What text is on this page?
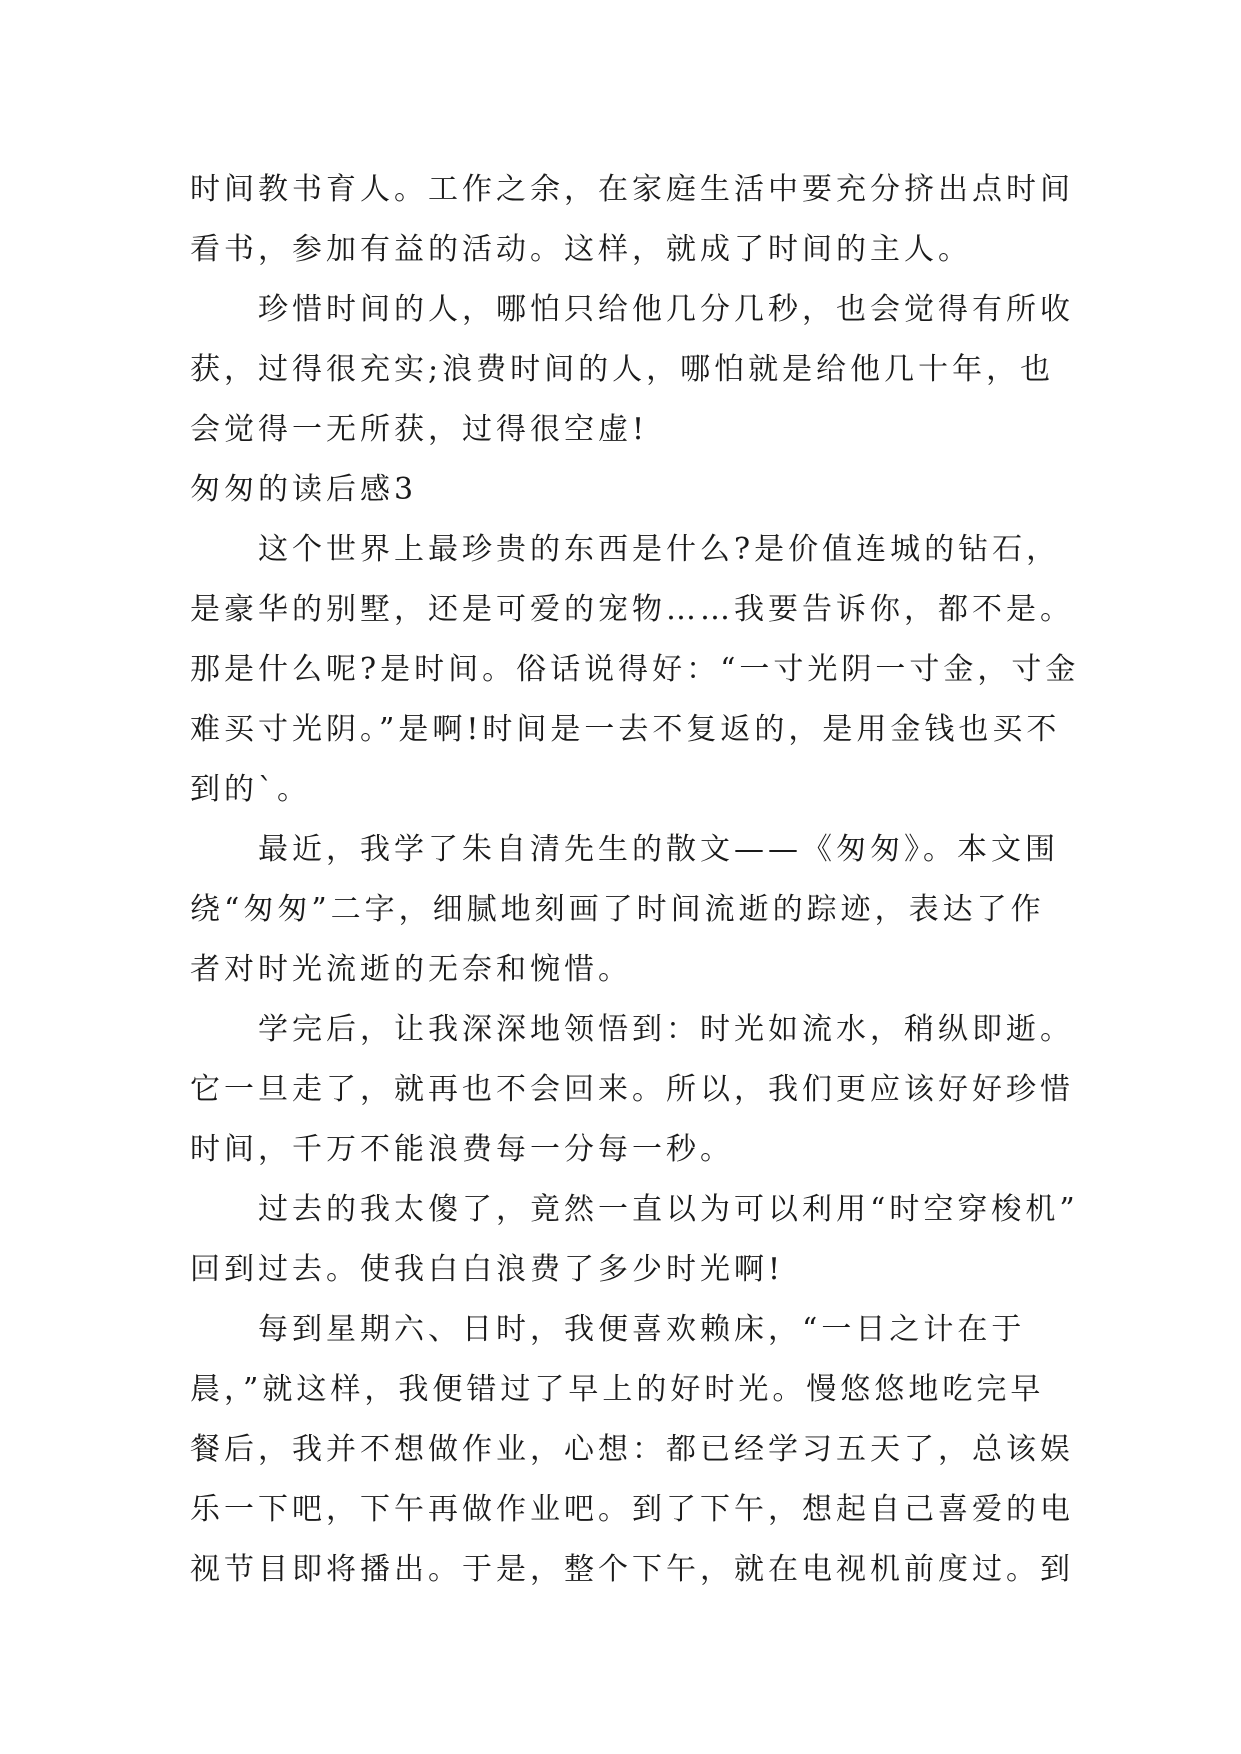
时间教书育人。工作之余，在家庭生活中要充分挤出点时间
看书，参加有益的活动。这样，就成了时间的主人。
珍惜时间的人，哪怕只给他几分几秒，也会觉得有所收
获，过得很充实;浪费时间的人，哪怕就是给他几十年，也
会觉得一无所获，过得很空虚!
匆匆的读后感3
这个世界上最珍贵的东西是什么?是价值连城的钻石，
是豪华的别墅，还是可爱的宠物……我要告诉你，都不是。
那是什么呢?是时间。俗话说得好：“一寸光阴一寸金，寸金
难买寸光阴。”是啊!时间是一去不复返的，是用金钱也买不
到的`。
最近，我学了朱自清先生的散文——《匆匆》。本文围
绕“匆匆”二字，细腻地刻画了时间流逝的踪迹，表达了作
者对时光流逝的无奈和惋惜。
学完后，让我深深地领悟到：时光如流水，稍纵即逝。
它一旦走了，就再也不会回来。所以，我们更应该好好珍惜
时间，千万不能浪费每一分每一秒。
过去的我太傻了，竟然一直以为可以利用“时空穿梭机”
回到过去。使我白白浪费了多少时光啊!
每到星期六、日时，我便喜欢赖床，“一日之计在于
晨，”就这样，我便错过了早上的好时光。慢悠悠地吃完早
餐后，我并不想做作业，心想：都已经学习五天了，总该娱
乐一下吧，下午再做作业吧。到了下午，想起自己喜爱的电
视节目即将播出。于是，整个下午，就在电视机前度过。到
